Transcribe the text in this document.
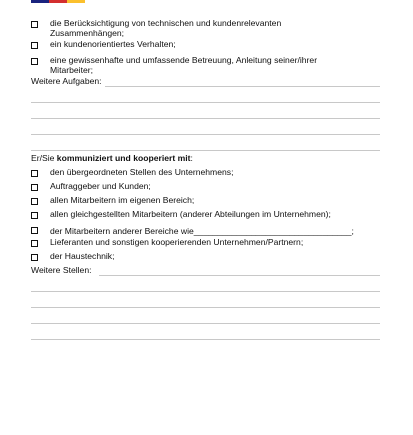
die Berücksichtigung von technischen und kundenrelevanten
Zusammenhängen;
ein kundenorientiertes Verhalten;
eine gewissenhafte und umfassende Betreuung, Anleitung seiner/ihrer
Mitarbeiter;
Weitere Aufgaben:
Er/Sie kommuniziert und kooperiert mit:
den übergeordneten Stellen des Unternehmens;
Auftraggeber und Kunden;
allen Mitarbeitern im eigenen Bereich;
allen gleichgestellten Mitarbeitern (anderer Abteilungen im Unternehmen);
der Mitarbeitern anderer Bereiche wie_________________________________;
Lieferanten und sonstigen kooperierenden Unternehmen/Partnern;
der Haustechnik;
Weitere Stellen:
